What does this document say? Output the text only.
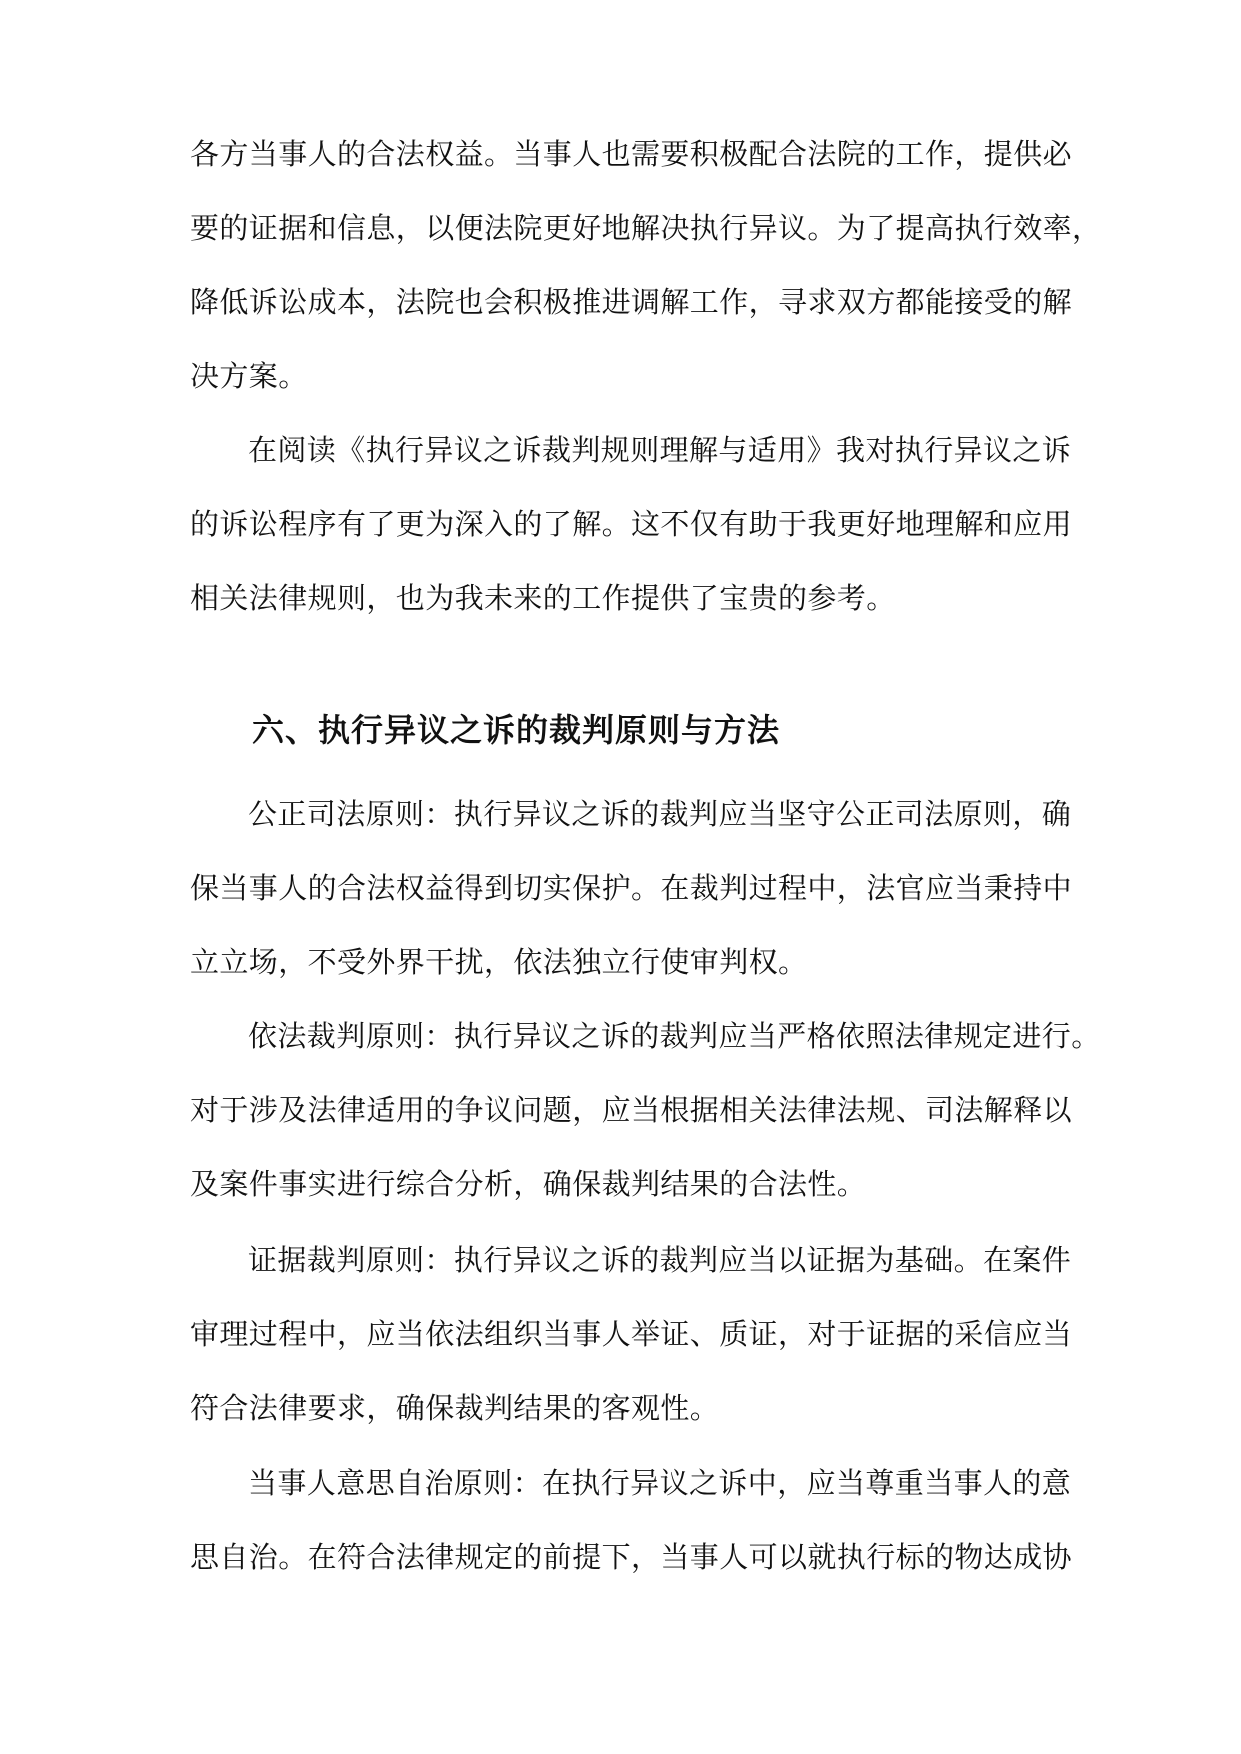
各方当事人的合法权益。当事人也需要积极配合法院的工作，提供必
要的证据和信息，以便法院更好地解决执行异议。为了提高执行效率，
降低诉讼成本，法院也会积极推进调解工作，寻求双方都能接受的解
决方案。
在阅读《执行异议之诉裁判规则理解与适用》我对执行异议之诉
的诉讼程序有了更为深入的了解。这不仅有助于我更好地理解和应用
相关法律规则，也为我未来的工作提供了宝贵的参考。
六、执行异议之诉的裁判原则与方法
公正司法原则：执行异议之诉的裁判应当坚守公正司法原则，确
保当事人的合法权益得到切实保护。在裁判过程中，法官应当秉持中
立立场，不受外界干扰，依法独立行使审判权。
依法裁判原则：执行异议之诉的裁判应当严格依照法律规定进行。
对于涉及法律适用的争议问题，应当根据相关法律法规、司法解释以
及案件事实进行综合分析，确保裁判结果的合法性。
证据裁判原则：执行异议之诉的裁判应当以证据为基础。在案件
审理过程中，应当依法组织当事人举证、质证，对于证据的采信应当
符合法律要求，确保裁判结果的客观性。
当事人意思自治原则：在执行异议之诉中，应当尊重当事人的意
思自治。在符合法律规定的前提下，当事人可以就执行标的物达成协
